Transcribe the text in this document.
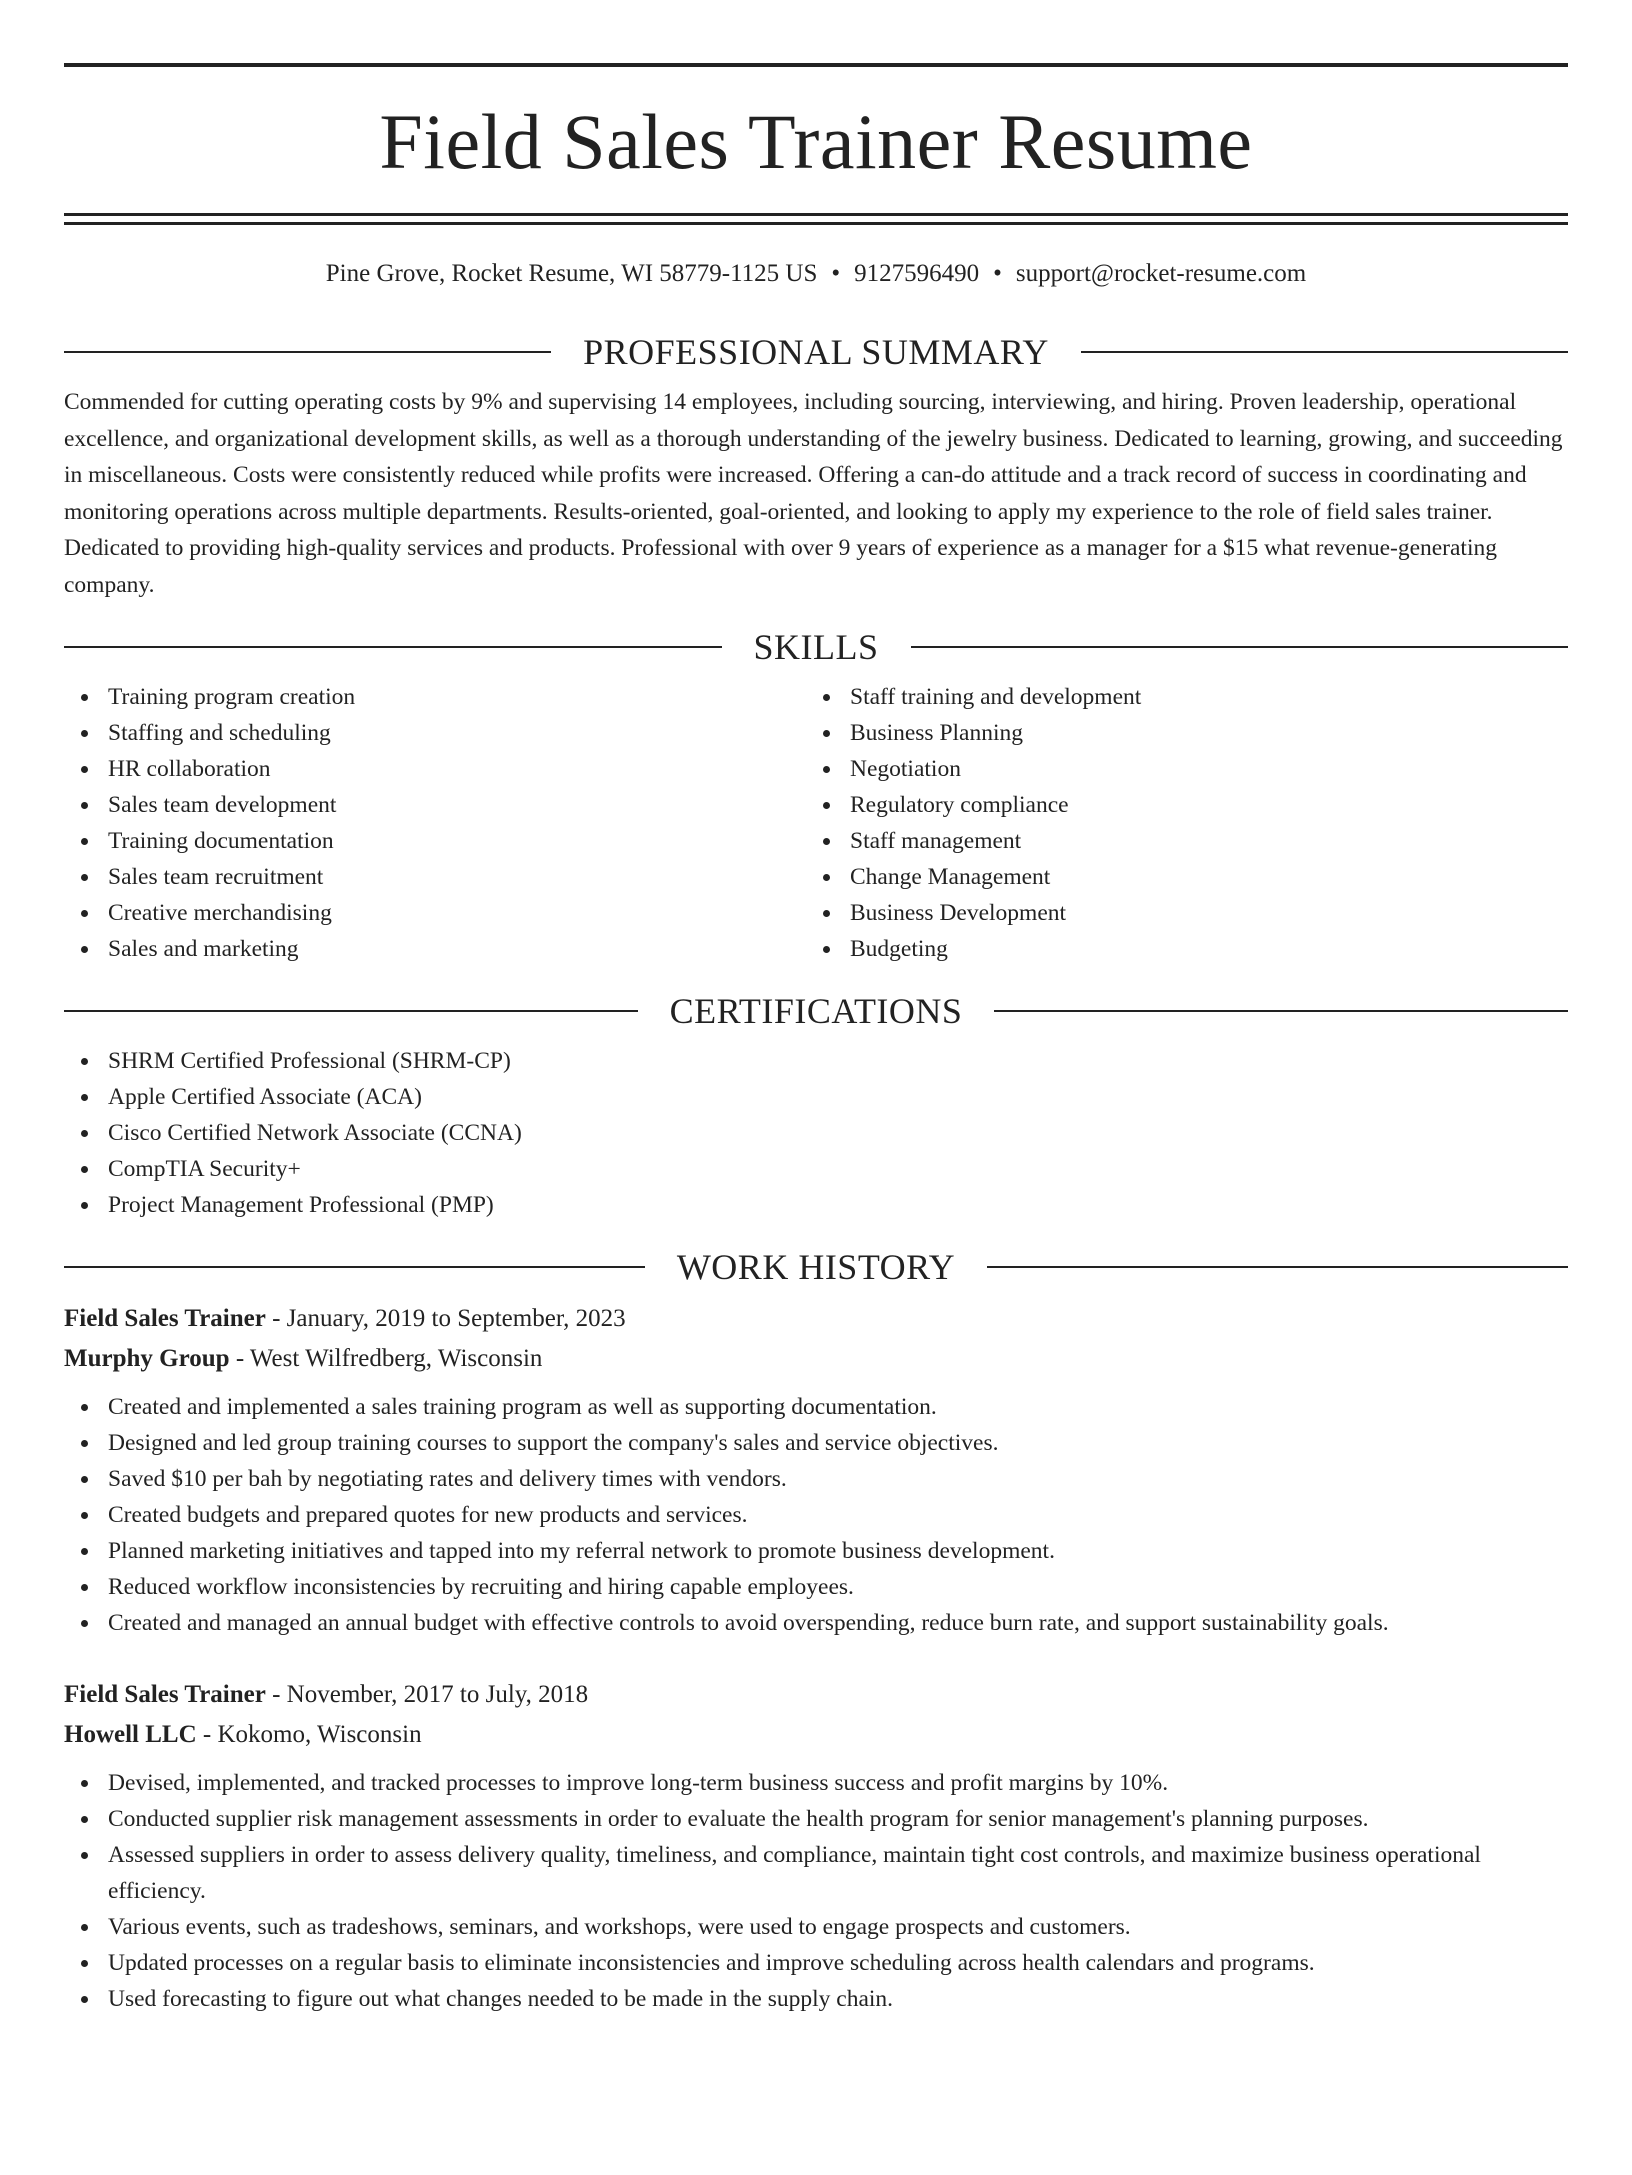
Field Sales Trainer Resume
Pine Grove, Rocket Resume, WI 58779-1125 US • 9127596490 • support@rocket-resume.com
PROFESSIONAL SUMMARY

Commended for cutting operating costs by 9% and supervising 14 employees, including sourcing, interviewing, and hiring. Proven leadership, operational excellence, and organizational development skills, as well as a thorough understanding of the jewelry business. Dedicated to learning, growing, and succeeding in miscellaneous. Costs were consistently reduced while profits were increased. Offering a can-do attitude and a track record of success in coordinating and monitoring operations across multiple departments. Results-oriented, goal-oriented, and looking to apply my experience to the role of field sales trainer. Dedicated to providing high-quality services and products. Professional with over 9 years of experience as a manager for a $15 what revenue-generating company.

SKILLS
Training program creation
Staffing and scheduling
HR collaboration
Sales team development
Training documentation
Sales team recruitment
Creative merchandising
Sales and marketing
Staff training and development
Business Planning
Negotiation
Regulatory compliance
Staff management
Change Management
Business Development
Budgeting
CERTIFICATIONS
SHRM Certified Professional (SHRM-CP)
Apple Certified Associate (ACA)
Cisco Certified Network Associate (CCNA)
CompTIA Security+
Project Management Professional (PMP)
WORK HISTORY
Field Sales Trainer - January, 2019 to September, 2023
Murphy Group - West Wilfredberg, Wisconsin
Created and implemented a sales training program as well as supporting documentation.
Designed and led group training courses to support the company's sales and service objectives.
Saved $10 per bah by negotiating rates and delivery times with vendors.
Created budgets and prepared quotes for new products and services.
Planned marketing initiatives and tapped into my referral network to promote business development.
Reduced workflow inconsistencies by recruiting and hiring capable employees.
Created and managed an annual budget with effective controls to avoid overspending, reduce burn rate, and support sustainability goals.
Field Sales Trainer - November, 2017 to July, 2018
Howell LLC - Kokomo, Wisconsin
Devised, implemented, and tracked processes to improve long-term business success and profit margins by 10%.
Conducted supplier risk management assessments in order to evaluate the health program for senior management's planning purposes.
Assessed suppliers in order to assess delivery quality, timeliness, and compliance, maintain tight cost controls, and maximize business operational efficiency.
Various events, such as tradeshows, seminars, and workshops, were used to engage prospects and customers.
Updated processes on a regular basis to eliminate inconsistencies and improve scheduling across health calendars and programs.
Used forecasting to figure out what changes needed to be made in the supply chain.
